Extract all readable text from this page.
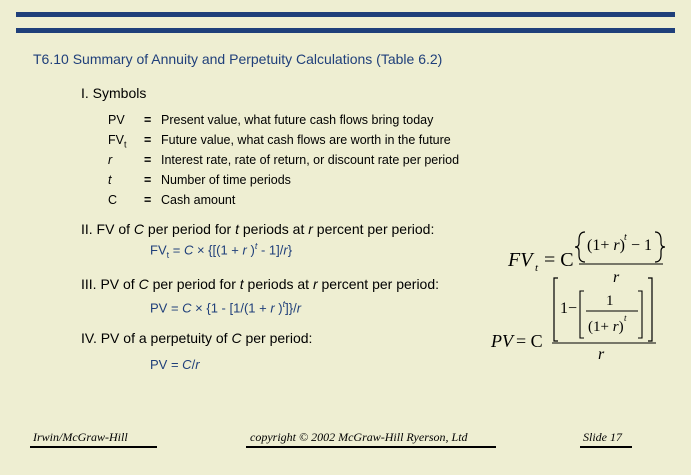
T6.10 Summary of Annuity and Perpetuity Calculations (Table 6.2)
I. Symbols
PV = Present value, what future cash flows bring today
$FV_t$ = Future value, what cash flows are worth in the future
r	= Interest rate, rate of return, or discount rate per period
t	= Number of time periods
C = Cash amount
II. FV of C per period for t periods at r percent per period:
$FV_t = C \times \{[(1 + r$ )$^t$ - 1]/r}	FV t = C
(1+ r) t − 1
r
III. PV of C per period for t periods at r percent per period:
PV = C × {1 - [1/(1 + r )$^t$]}/r
PV = C
1− 1
(1+ r)
t
r
IV. PV of a perpetuity of C per period:
PV = C/r
Irwin/McGraw-Hill	copyright © 2002 McGraw-Hill Ryerson, Ltd	Slide 17
